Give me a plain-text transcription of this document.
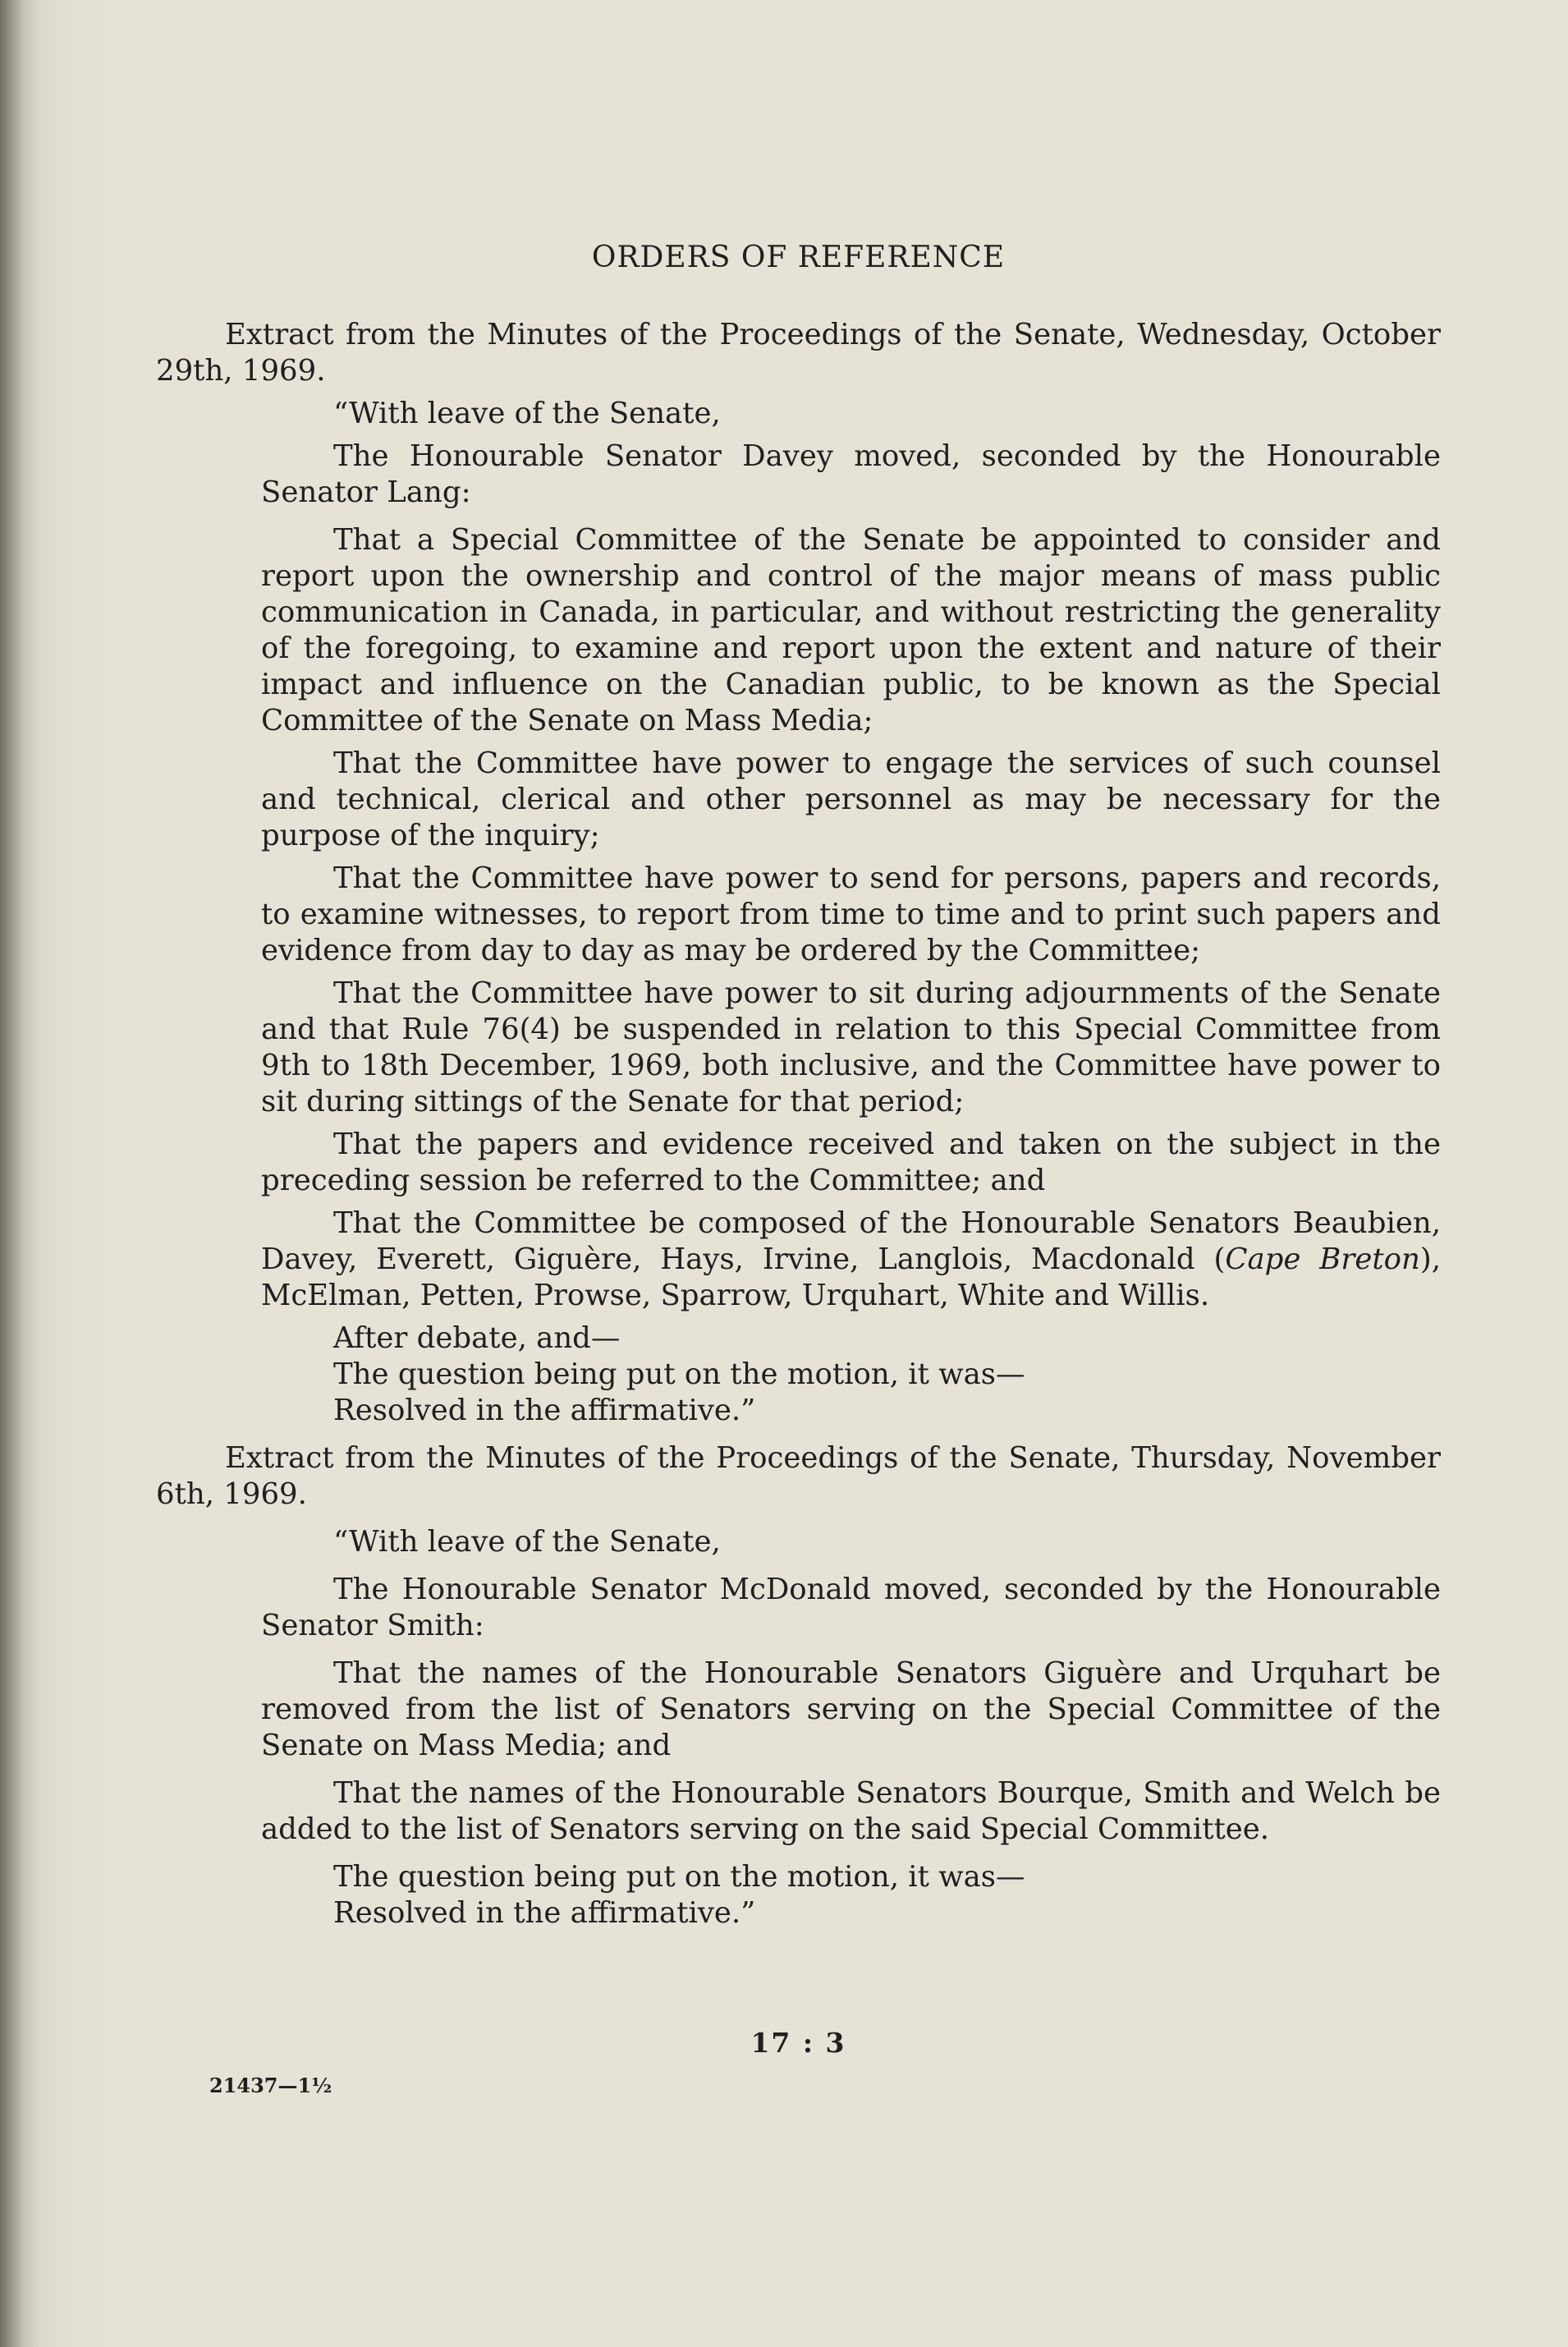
ORDERS OF REFERENCE

Extract from the Minutes of the Proceedings of the Senate, Wednesday, October 29th, 1969.

“With leave of the Senate,

The Honourable Senator Davey moved, seconded by the Honourable Senator Lang:

That a Special Committee of the Senate be appointed to consider and report upon the ownership and control of the major means of mass public communication in Canada, in particular, and without restricting the generality of the foregoing, to examine and report upon the extent and nature of their impact and influence on the Canadian public, to be known as the Special Committee of the Senate on Mass Media;

That the Committee have power to engage the services of such counsel and technical, clerical and other personnel as may be necessary for the purpose of the inquiry;

That the Committee have power to send for persons, papers and records, to examine witnesses, to report from time to time and to print such papers and evidence from day to day as may be ordered by the Committee;

That the Committee have power to sit during adjournments of the Senate and that Rule 76(4) be suspended in relation to this Special Committee from 9th to 18th December, 1969, both inclusive, and the Committee have power to sit during sittings of the Senate for that period;

That the papers and evidence received and taken on the subject in the preceding session be referred to the Committee; and

That the Committee be composed of the Honourable Senators Beaubien, Davey, Everett, Giguère, Hays, Irvine, Langlois, Macdonald (Cape Breton), McElman, Petten, Prowse, Sparrow, Urquhart, White and Willis.

After debate, and—

The question being put on the motion, it was—

Resolved in the affirmative.”

Extract from the Minutes of the Proceedings of the Senate, Thursday, November 6th, 1969.

“With leave of the Senate,

The Honourable Senator McDonald moved, seconded by the Honourable Senator Smith:

That the names of the Honourable Senators Giguère and Urquhart be removed from the list of Senators serving on the Special Committee of the Senate on Mass Media; and

That the names of the Honourable Senators Bourque, Smith and Welch be added to the list of Senators serving on the said Special Committee.

The question being put on the motion, it was—

Resolved in the affirmative.”

17 : 3
21437—1½
